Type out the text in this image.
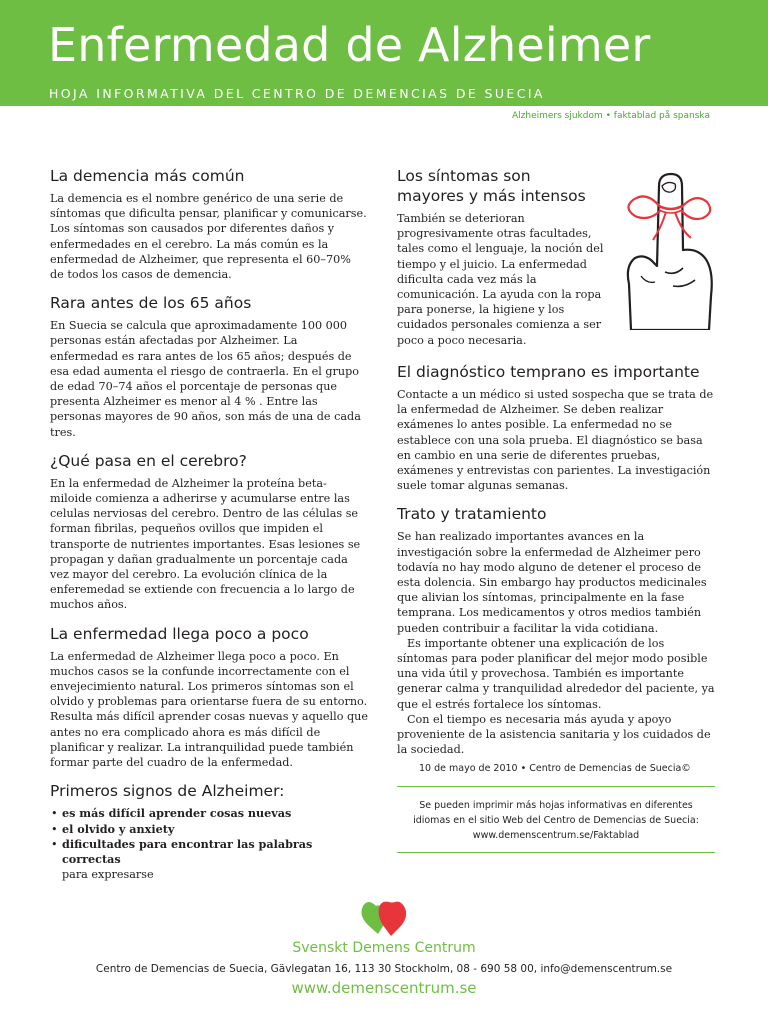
Enfermedad de Alzheimer
HOJA INFORMATIVA DEL CENTRO DE DEMENCIAS DE SUECIA
Alzheimers sjukdom • faktablad på spanska
La demencia más común

La demencia es el nombre genérico de una serie de síntomas que dificulta pensar, planificar y comunicarse. Los síntomas son causados por diferentes daños y enfermedades en el cerebro. La más común es la enfermedad de Alzheimer, que representa el 60–70% de todos los casos de demencia.

Rara antes de los 65 años

En Suecia se calcula que aproximadamente 100 000 personas están afectadas por Alzheimer. La enfermedad es rara antes de los 65 años; después de esa edad aumenta el riesgo de contraerla. En el grupo de edad 70–74 años el porcentaje de personas que presenta Alzheimer es menor al 4 % . Entre las personas mayores de 90 años, son más de una de cada tres.

¿Qué pasa en el cerebro?

En la enfermedad de Alzheimer la proteína beta-miloide comienza a adherirse y acumularse entre las celulas nerviosas del cerebro. Dentro de las células se forman fibrilas, pequeños ovillos que impiden el transporte de nutrientes importantes. Esas lesiones se propagan y dañan gradualmente un porcentaje cada vez mayor del cerebro. La evolución clínica de la enferemedad se extiende con frecuencia a lo largo de muchos años.

La enfermedad llega poco a poco

La enfermedad de Alzheimer llega poco a poco. En muchos casos se la confunde incorrectamente con el envejecimiento natural. Los primeros síntomas son el olvido y problemas para orientarse fuera de su entorno. Resulta más difícil aprender cosas nuevas y aquello que antes no era complicado ahora es más difícil de planificar y realizar. La intranquilidad puede también formar parte del cuadro de la enfermedad.

Primeros signos de Alzheimer:
• es más difícil aprender cosas nuevas
• el olvido y anxiety
• dificultades para encontrar las palabras correctas
para expresarse
Los síntomas son mayores y más intensos

También se deterioran progresivamente otras facultades, tales como el lenguaje, la noción del tiempo y el juicio. La enfermedad dificulta cada vez más la comunicación. La ayuda con la ropa para ponerse, la higiene y los cuidados personales comienza a ser poco a poco necesaria.

El diagnóstico temprano es importante

Contacte a un médico si usted sospecha que se trata de la enfermedad de Alzheimer. Se deben realizar exámenes lo antes posible. La enfermedad no se establece con una sola prueba. El diagnóstico se basa en cambio en una serie de diferentes pruebas, exámenes y entrevistas con parientes. La investigación suele tomar algunas semanas.

Trato y tratamiento

Se han realizado importantes avances en la investigación sobre la enfermedad de Alzheimer pero todavía no hay modo alguno de detener el proceso de esta dolencia. Sin embargo hay productos medicinales que alivian los síntomas, principalmente en la fase temprana. Los medicamentos y otros medios también pueden contribuir a facilitar la vida cotidiana.

Es importante obtener una explicación de los síntomas para poder planificar del mejor modo posible una vida útil y provechosa. También es importante generar calma y tranquilidad alrededor del paciente, ya que el estrés fortalece los síntomas.

Con el tiempo es necesaria más ayuda y apoyo proveniente de la asistencia sanitaria y los cuidados de la sociedad.

10 de mayo de 2010 • Centro de Demencias de Suecia©
Se pueden imprimir más hojas informativas en diferentes
idiomas en el sitio Web del Centro de Demencias de Suecia:
www.demenscentrum.se/Faktablad
Svenskt Demens Centrum
Centro de Demencias de Suecia, Gävlegatan 16, 113 30 Stockholm, 08 - 690 58 00, info@demenscentrum.se
www.demenscentrum.se
